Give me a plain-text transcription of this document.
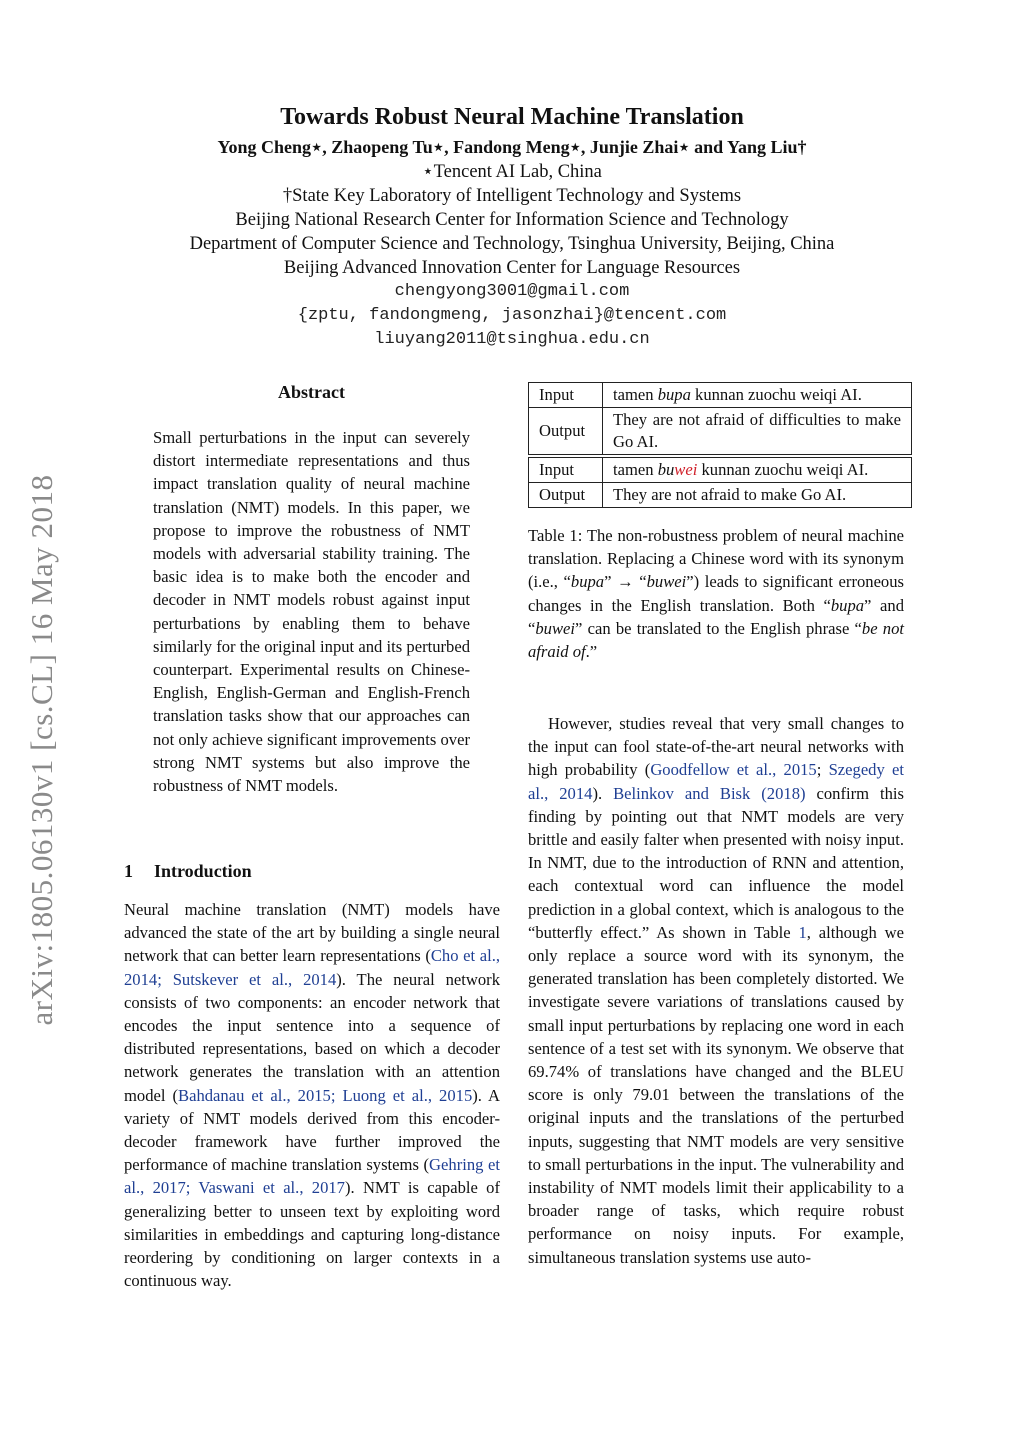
arXiv:1805.06130v1 [cs.CL] 16 May 2018
Towards Robust Neural Machine Translation
Yong Cheng⋆, Zhaopeng Tu⋆, Fandong Meng⋆, Junjie Zhai⋆ and Yang Liu†
⋆Tencent AI Lab, China
†State Key Laboratory of Intelligent Technology and Systems
Beijing National Research Center for Information Science and Technology
Department of Computer Science and Technology, Tsinghua University, Beijing, China
Beijing Advanced Innovation Center for Language Resources
chengyong3001@gmail.com
{zptu, fandongmeng, jasonzhai}@tencent.com
liuyang2011@tsinghua.edu.cn
Abstract

Small perturbations in the input can severely distort intermediate representations and thus impact translation quality of neural machine translation (NMT) models. In this paper, we propose to improve the robustness of NMT models with adversarial stability training. The basic idea is to make both the encoder and decoder in NMT models robust against input perturbations by enabling them to behave similarly for the original input and its perturbed counterpart. Experimental results on Chinese-English, English-German and English-French translation tasks show that our approaches can not only achieve significant improvements over strong NMT systems but also improve the robustness of NMT models.

1 Introduction

Neural machine translation (NMT) models have advanced the state of the art by building a single neural network that can better learn representations (Cho et al., 2014; Sutskever et al., 2014). The neural network consists of two components: an encoder network that encodes the input sentence into a sequence of distributed representations, based on which a decoder network generates the translation with an attention model (Bahdanau et al., 2015; Luong et al., 2015). A variety of NMT models derived from this encoder-decoder framework have further improved the performance of machine translation systems (Gehring et al., 2017; Vaswani et al., 2017). NMT is capable of generalizing better to unseen text by exploiting word similarities in embeddings and capturing long-distance reordering by conditioning on larger contexts in a continuous way.

Input	tamen bupa kunnan zuochu weiqi AI.
Output	They are not afraid of difficulties to make Go AI.
Input	tamen buwei kunnan zuochu weiqi AI.
Output	They are not afraid to make Go AI.
Table 1: The non-robustness problem of neural machine translation. Replacing a Chinese word with its synonym (i.e., “bupa” → “buwei”) leads to significant erroneous changes in the English translation. Both “bupa” and “buwei” can be translated to the English phrase “be not afraid of.”

However, studies reveal that very small changes to the input can fool state-of-the-art neural networks with high probability (Goodfellow et al., 2015; Szegedy et al., 2014). Belinkov and Bisk (2018) confirm this finding by pointing out that NMT models are very brittle and easily falter when presented with noisy input. In NMT, due to the introduction of RNN and attention, each contextual word can influence the model prediction in a global context, which is analogous to the “butterfly effect.” As shown in Table 1, although we only replace a source word with its synonym, the generated translation has been completely distorted. We investigate severe variations of translations caused by small input perturbations by replacing one word in each sentence of a test set with its synonym. We observe that 69.74% of translations have changed and the BLEU score is only 79.01 between the translations of the original inputs and the translations of the perturbed inputs, suggesting that NMT models are very sensitive to small perturbations in the input. The vulnerability and instability of NMT models limit their applicability to a broader range of tasks, which require robust performance on noisy inputs. For example, simultaneous translation systems use auto-
